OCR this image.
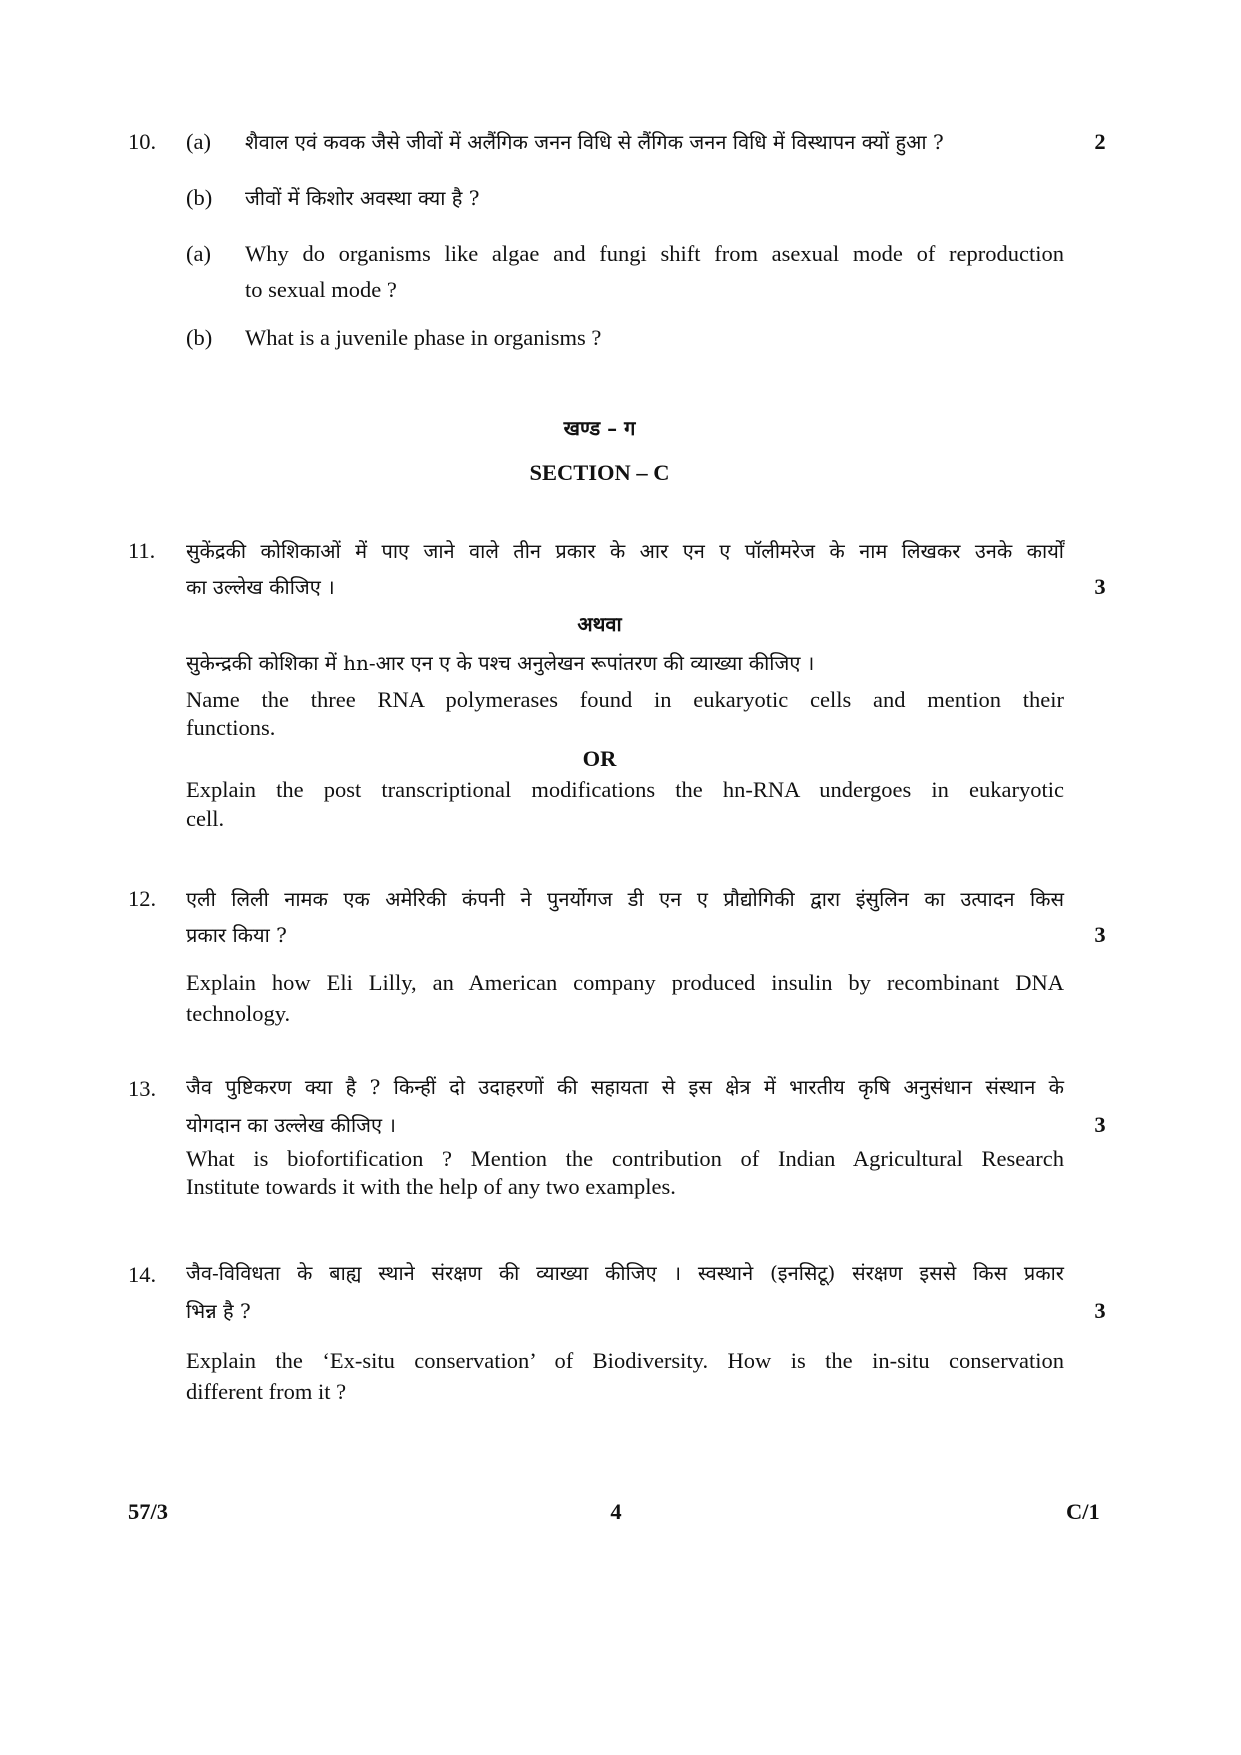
10. (a) शैवाल एवं कवक जैसे जीवों में अलैंगिक जनन विधि से लैंगिक जनन विधि में विस्थापन क्यों हुआ ?	2
(b) जीवों में किशोर अवस्था क्या है ?
(a) Why do organisms like algae and fungi shift from asexual mode of reproduction
to sexual mode ?
(b) What is a juvenile phase in organisms ?
खण्ड – ग
SECTION – C
11. सुकेंद्रकी कोशिकाओं में पाए जाने वाले तीन प्रकार के आर एन ए पॉलीमरेज के नाम लिखकर उनके कार्यों
का उल्लेख कीजिए ।	3
अथवा
सुकेन्द्रकी कोशिका में hn-आर एन ए के पश्च अनुलेखन रूपांतरण की व्याख्या कीजिए ।
Name the three RNA polymerases found in eukaryotic cells and mention their
functions.
OR
Explain the post transcriptional modifications the hn-RNA undergoes in eukaryotic
cell.
12. एली लिली नामक एक अमेरिकी कंपनी ने पुनर्योगज डी एन ए प्रौद्योगिकी द्वारा इंसुलिन का उत्पादन किस
प्रकार किया ?	3
Explain how Eli Lilly, an American company produced insulin by recombinant DNA
technology.
13. जैव पुष्टिकरण क्या है ? किन्हीं दो उदाहरणों की सहायता से इस क्षेत्र में भारतीय कृषि अनुसंधान संस्थान के
योगदान का उल्लेख कीजिए ।	3
What is biofortification ? Mention the contribution of Indian Agricultural Research
Institute towards it with the help of any two examples.
14. जैव-विविधता के बाह्य स्थाने संरक्षण की व्याख्या कीजिए । स्वस्थाने (इनसिटू) संरक्षण इससे किस प्रकार
भिन्न है ?	3
Explain the ‘Ex-situ conservation’ of Biodiversity. How is the in-situ conservation
different from it ?
57/3	4	C/1
